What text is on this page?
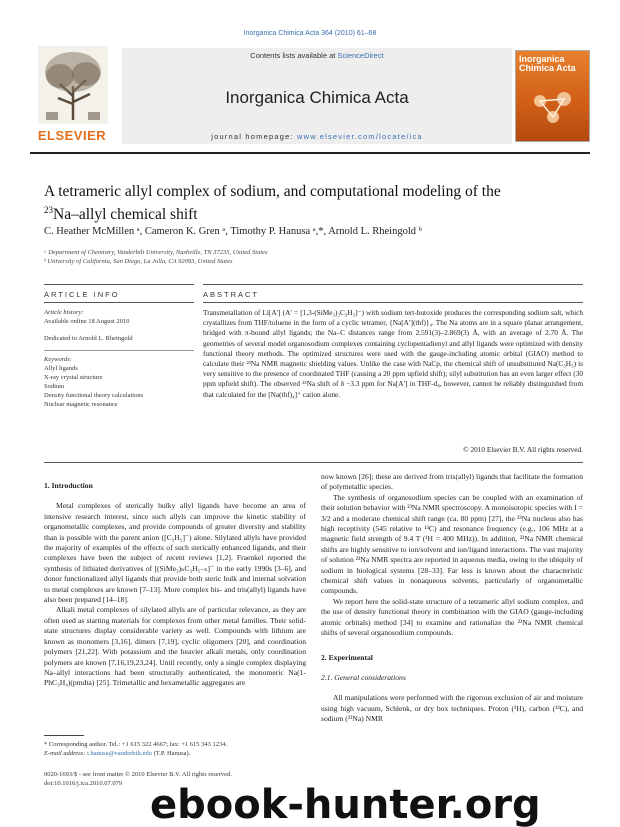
Inorganica Chimica Acta 364 (2010) 61–68
ELSEVIER
Contents lists available at ScienceDirect
Inorganica Chimica Acta
journal homepage: www.elsevier.com/locate/ica
Inorganica Chimica Acta
A tetrameric allyl complex of sodium, and computational modeling of the
$^{23}$Na–allyl chemical shift
C. Heather McMillen ᵃ, Cameron K. Gren ᵃ, Timothy P. Hanusa ᵃ,*, Arnold L. Rheingold ᵇ
ᵃ Department of Chemistry, Vanderbilt University, Nashville, TN 37235, United States
ᵇ University of California, San Diego, La Jolla, CA 92093, United States
ARTICLE INFO
Article history:
Available online 18 August 2010
Dedicated to Arnold L. Rheingold
Keywords:
Allyl ligands
X-ray crystal structure
Sodium
Density functional theory calculations
Nuclear magnetic resonance
ABSTRACT
Transmetallation of Li[A′] (A′ = [1,3-(SiMe₃)₂C₃H₃]⁻) with sodium tert-butoxide produces the corresponding sodium salt, which crystallizes from THF/toluene in the form of a cyclic tetramer, {Na[A′](thf)}₄. The Na atoms are in a square planar arrangement, bridged with π-bound allyl ligands; the Na–C distances range from 2.591(3)–2.869(3) Å, with an average of 2.70 Å. The geometries of several model organosodium complexes containing cyclopentadienyl and allyl ligands were optimized with density functional theory methods. The optimized structures were used with the gauge-including atomic orbital (GIAO) method to calculate their ²³Na NMR magnetic shielding values. Unlike the case with NaCp, the chemical shift of unsubstituted Na(C₃H₅) is very sensitive to the presence of coordinated THF (causing a 20 ppm upfield shift); silyl substitution has an even larger effect (30 ppm upfield shift). The observed ²³Na shift of δ −3.3 ppm for Na[A′] in THF-d₈, however, cannot be reliably distinguished from that calculated for the [Na(thf)₄]⁺ cation alone.
© 2010 Elsevier B.V. All rights reserved.
1. Introduction

Metal complexes of sterically bulky allyl ligands have become an area of intensive research interest, since such allyls can improve the kinetic stability of organometallic complexes, and provide compounds of greater diversity and stability than is possible with the parent anion ([C₃H₅]⁻) alone. Silylated allyls have provided the majority of examples of the effects of such sterically enhanced ligands, and their complexes have been the subject of recent reviews [1,2]. Fraenkel reported the synthesis of lithiated derivatives of [(SiMe₃)ₙC₃H₅₋ₙ]⁻ in the early 1990s [3–6], and donor functionalized allyl ligands that provide both steric bulk and internal solvation to metal complexes are known [7–13]. More complex bis- and tris(allyl) ligands have also been prepared [14–18].

Alkali metal complexes of silylated allyls are of particular relevance, as they are often used as starting materials for complexes from other metal families. Their solid-state structures display considerable variety as well. Compounds with lithium are known as monomers [3,16], dimers [7,19], cyclic oligomers [20], and coordination polymers [21,22]. With potassium and the heavier alkali metals, only coordination polymers are known [7,16,19,23,24]. Until recently, only a single complex displaying Na–allyl interactions had been structurally authenticated, the monomeric Na(1-PhC₃H₄)(pmdta) [25]. Trimetallic and hexametallic aggregates are

now known [26]; these are derived from tris(allyl) ligands that facilitate the formation of polymetallic species.

The synthesis of organosodium species can be coupled with an examination of their solution behavior with ²³Na NMR spectroscopy. A monoisotopic species with I = 3/2 and a moderate chemical shift range (ca. 80 ppm) [27], the ²³Na nucleus also has high receptivity (545 relative to ¹³C) and resonance frequency (e.g., 106 MHz at a magnetic field strength of 9.4 T (¹H = 400 MHz)). In addition, ²³Na NMR chemical shifts are highly sensitive to ion/solvent and ion/ligand interactions. The vast majority of solution ²³Na NMR spectra are reported in aqueous media, owing to the ubiquity of sodium in biological systems [28–33]. Far less is known about the characteristic chemical shift values in nonaqueous solvents, particularly of organometallic compounds.

We report here the solid-state structure of a tetrameric allyl sodium complex, and the use of density functional theory in combination with the GIAO (gauge-including atomic orbitals) method [34] to examine and rationalize the ²³Na NMR chemical shifts of several organosodium compounds.

2. Experimental
2.1. General considerations

All manipulations were performed with the rigorous exclusion of air and moisture using high vacuum, Schlenk, or dry box techniques. Proton (¹H), carbon (¹³C), and sodium (²³Na) NMR

* Corresponding author. Tel.: +1 615 322 4667; fax: +1 615 343 1234.
E-mail address: t.hanusa@vanderbilt.edu (T.P. Hanusa).
0020-1693/$ - see front matter © 2010 Elsevier B.V. All rights reserved.
doi:10.1016/j.ica.2010.07.079 ebook-hunter.org
